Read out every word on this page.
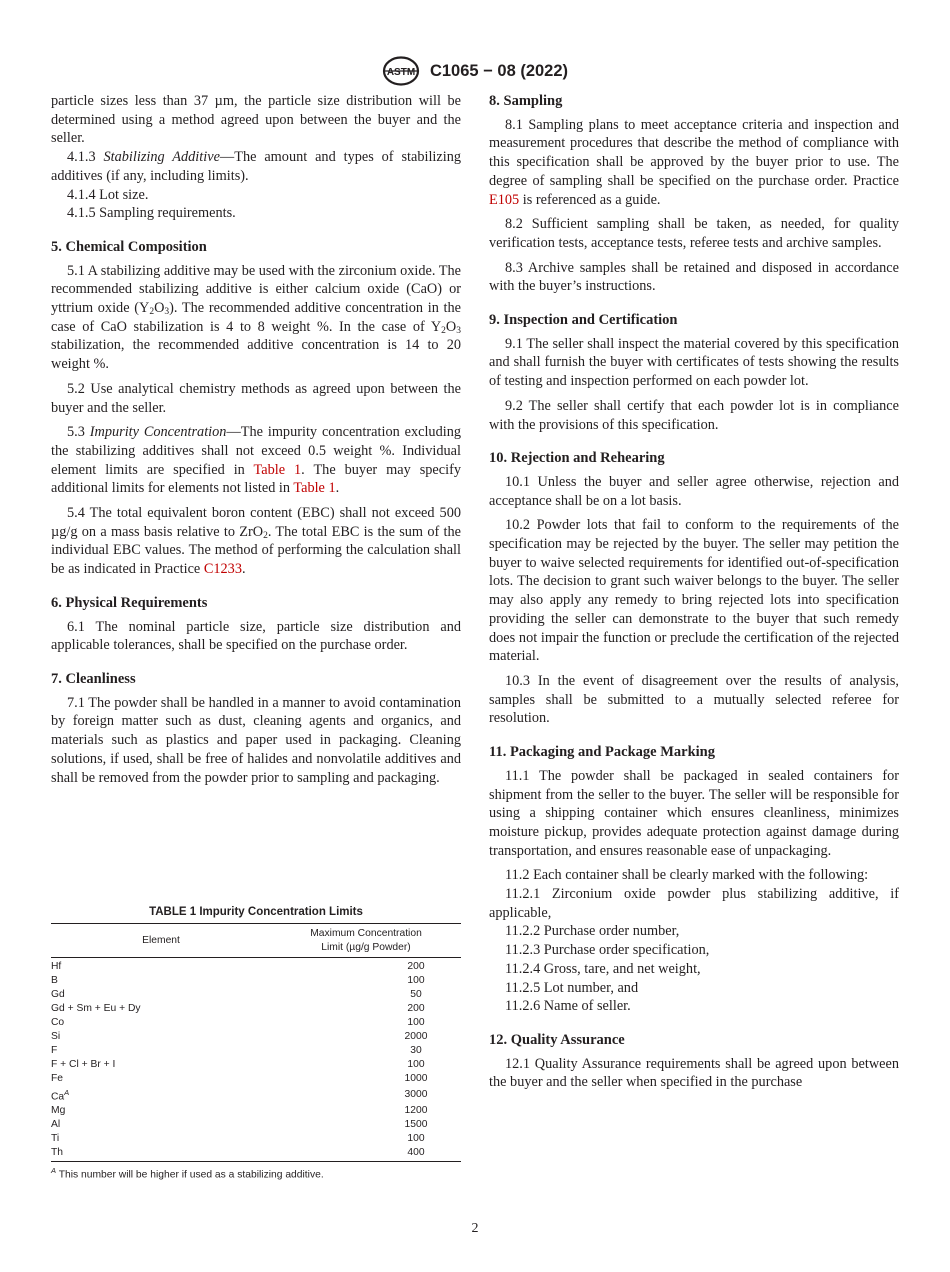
ASTM C1065 − 08 (2022)

particle sizes less than 37 µm, the particle size distribution will be determined using a method agreed upon between the buyer and the seller.

4.1.3 Stabilizing Additive—The amount and types of stabilizing additives (if any, including limits).

4.1.4 Lot size.

4.1.5 Sampling requirements.

5. Chemical Composition

5.1 A stabilizing additive may be used with the zirconium oxide. The recommended stabilizing additive is either calcium oxide (CaO) or yttrium oxide $(Y_2O_3)$. The recommended additive concentration in the case of CaO stabilization is 4 to 8 weight %. In the case of $Y_2O_3$ stabilization, the recommended additive concentration is 14 to 20 weight %.

5.2 Use analytical chemistry methods as agreed upon between the buyer and the seller.

5.3 Impurity Concentration—The impurity concentration excluding the stabilizing additives shall not exceed 0.5 weight %. Individual element limits are specified in Table 1. The buyer may specify additional limits for elements not listed in Table 1.

5.4 The total equivalent boron content (EBC) shall not exceed 500 µg/g on a mass basis relative to ZrO$_2$. The total EBC is the sum of the individual EBC values. The method of performing the calculation shall be as indicated in Practice C1233.

6. Physical Requirements

6.1 The nominal particle size, particle size distribution and applicable tolerances, shall be specified on the purchase order.

7. Cleanliness

7.1 The powder shall be handled in a manner to avoid contamination by foreign matter such as dust, cleaning agents and organics, and materials such as plastics and paper used in packaging. Cleaning solutions, if used, shall be free of halides and nonvolatile additives and shall be removed from the powder prior to sampling and packaging.

TABLE 1 Impurity Concentration Limits
Element	Maximum Concentration
Limit (µg/g Powder)
Hf	200
B	100
Gd	50
Gd + Sm + Eu + Dy	200
Co	100
Si	2000
F	30
F + Cl + Br + I	100
Fe	1000
$Ca^A$	3000
Mg	1200
Al	1500
Ti	100
Th	400
$^A$ This number will be higher if used as a stabilizing additive.
8. Sampling

8.1 Sampling plans to meet acceptance criteria and inspection and measurement procedures that describe the method of compliance with this specification shall be approved by the buyer prior to use. The degree of sampling shall be specified on the purchase order. Practice E105 is referenced as a guide.

8.2 Sufficient sampling shall be taken, as needed, for quality verification tests, acceptance tests, referee tests and archive samples.

8.3 Archive samples shall be retained and disposed in accordance with the buyer’s instructions.

9. Inspection and Certification

9.1 The seller shall inspect the material covered by this specification and shall furnish the buyer with certificates of tests showing the results of testing and inspection performed on each powder lot.

9.2 The seller shall certify that each powder lot is in compliance with the provisions of this specification.

10. Rejection and Rehearing

10.1 Unless the buyer and seller agree otherwise, rejection and acceptance shall be on a lot basis.

10.2 Powder lots that fail to conform to the requirements of the specification may be rejected by the buyer. The seller may petition the buyer to waive selected requirements for identified out-of-specification lots. The decision to grant such waiver belongs to the buyer. The seller may also apply any remedy to bring rejected lots into specification providing the seller can demonstrate to the buyer that such remedy does not impair the function or preclude the certification of the rejected material.

10.3 In the event of disagreement over the results of analysis, samples shall be submitted to a mutually selected referee for resolution.

11. Packaging and Package Marking

11.1 The powder shall be packaged in sealed containers for shipment from the seller to the buyer. The seller will be responsible for using a shipping container which ensures cleanliness, minimizes moisture pickup, provides adequate protection against damage during transportation, and ensures reasonable ease of unpackaging.

11.2 Each container shall be clearly marked with the following:

11.2.1 Zirconium oxide powder plus stabilizing additive, if applicable,

11.2.2 Purchase order number,

11.2.3 Purchase order specification,

11.2.4 Gross, tare, and net weight,

11.2.5 Lot number, and

11.2.6 Name of seller.

12. Quality Assurance

12.1 Quality Assurance requirements shall be agreed upon between the buyer and the seller when specified in the purchase

2
